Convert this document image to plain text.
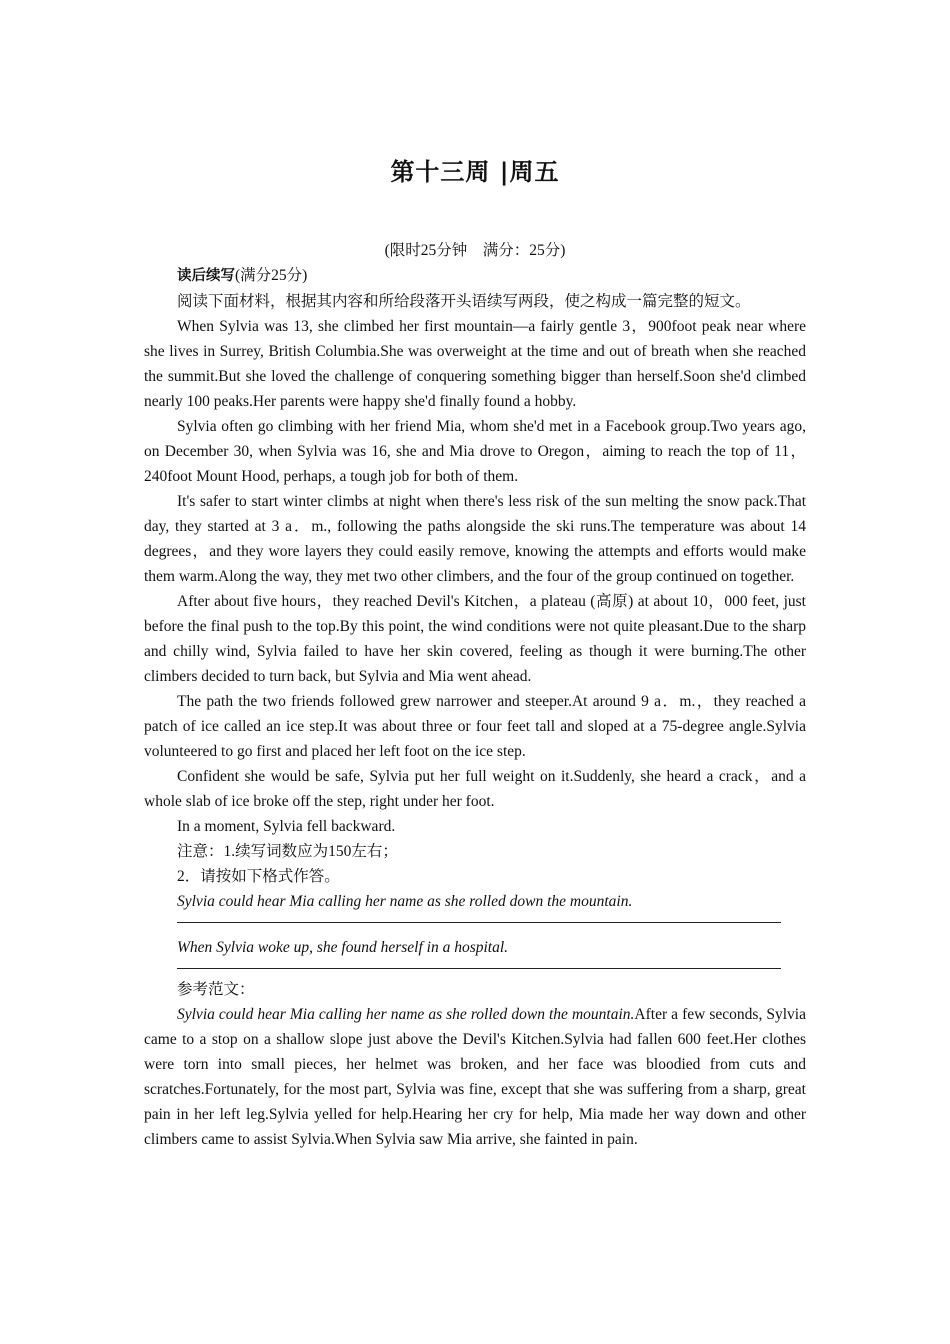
第十三周 |周五

(限时25分钟　满分：25分)

读后续写(满分25分)

阅读下面材料，根据其内容和所给段落开头语续写两段，使之构成一篇完整的短文。

When Sylvia was 13, she climbed her first mountain—a fairly gentle 3，900foot peak near where she lives in Surrey, British Columbia.She was overweight at the time and out of breath when she reached the summit.But she loved the challenge of conquering something bigger than herself.Soon she'd climbed nearly 100 peaks.Her parents were happy she'd finally found a hobby.

Sylvia often go climbing with her friend Mia, whom she'd met in a Facebook group.Two years ago, on December 30, when Sylvia was 16, she and Mia drove to Oregon，aiming to reach the top of 11，240foot Mount Hood, perhaps, a tough job for both of them.

It's safer to start winter climbs at night when there's less risk of the sun melting the snow pack.That day, they started at 3 a．m., following the paths alongside the ski runs.The temperature was about 14 degrees，and they wore layers they could easily remove, knowing the attempts and efforts would make them warm.Along the way, they met two other climbers, and the four of the group continued on together.

After about five hours，they reached Devil's Kitchen，a plateau (高原) at about 10，000 feet, just before the final push to the top.By this point, the wind conditions were not quite pleasant.Due to the sharp and chilly wind, Sylvia failed to have her skin covered, feeling as though it were burning.The other climbers decided to turn back, but Sylvia and Mia went ahead.

The path the two friends followed grew narrower and steeper.At around 9 a．m.，they reached a patch of ice called an ice step.It was about three or four feet tall and sloped at a 75-degree angle.Sylvia volunteered to go first and placed her left foot on the ice step.

Confident she would be safe, Sylvia put her full weight on it.Suddenly, she heard a crack，and a whole slab of ice broke off the step, right under her foot.

In a moment, Sylvia fell backward.

注意：1.续写词数应为150左右；

2．请按如下格式作答。

Sylvia could hear Mia calling her name as she rolled down the mountain.

When Sylvia woke up, she found herself in a hospital.

参考范文：

Sylvia could hear Mia calling her name as she rolled down the mountain.After a few seconds, Sylvia came to a stop on a shallow slope just above the Devil's Kitchen.Sylvia had fallen 600 feet.Her clothes were torn into small pieces, her helmet was broken, and her face was bloodied from cuts and scratches.Fortunately, for the most part, Sylvia was fine, except that she was suffering from a sharp, great pain in her left leg.Sylvia yelled for help.Hearing her cry for help, Mia made her way down and other climbers came to assist Sylvia.When Sylvia saw Mia arrive, she fainted in pain.
